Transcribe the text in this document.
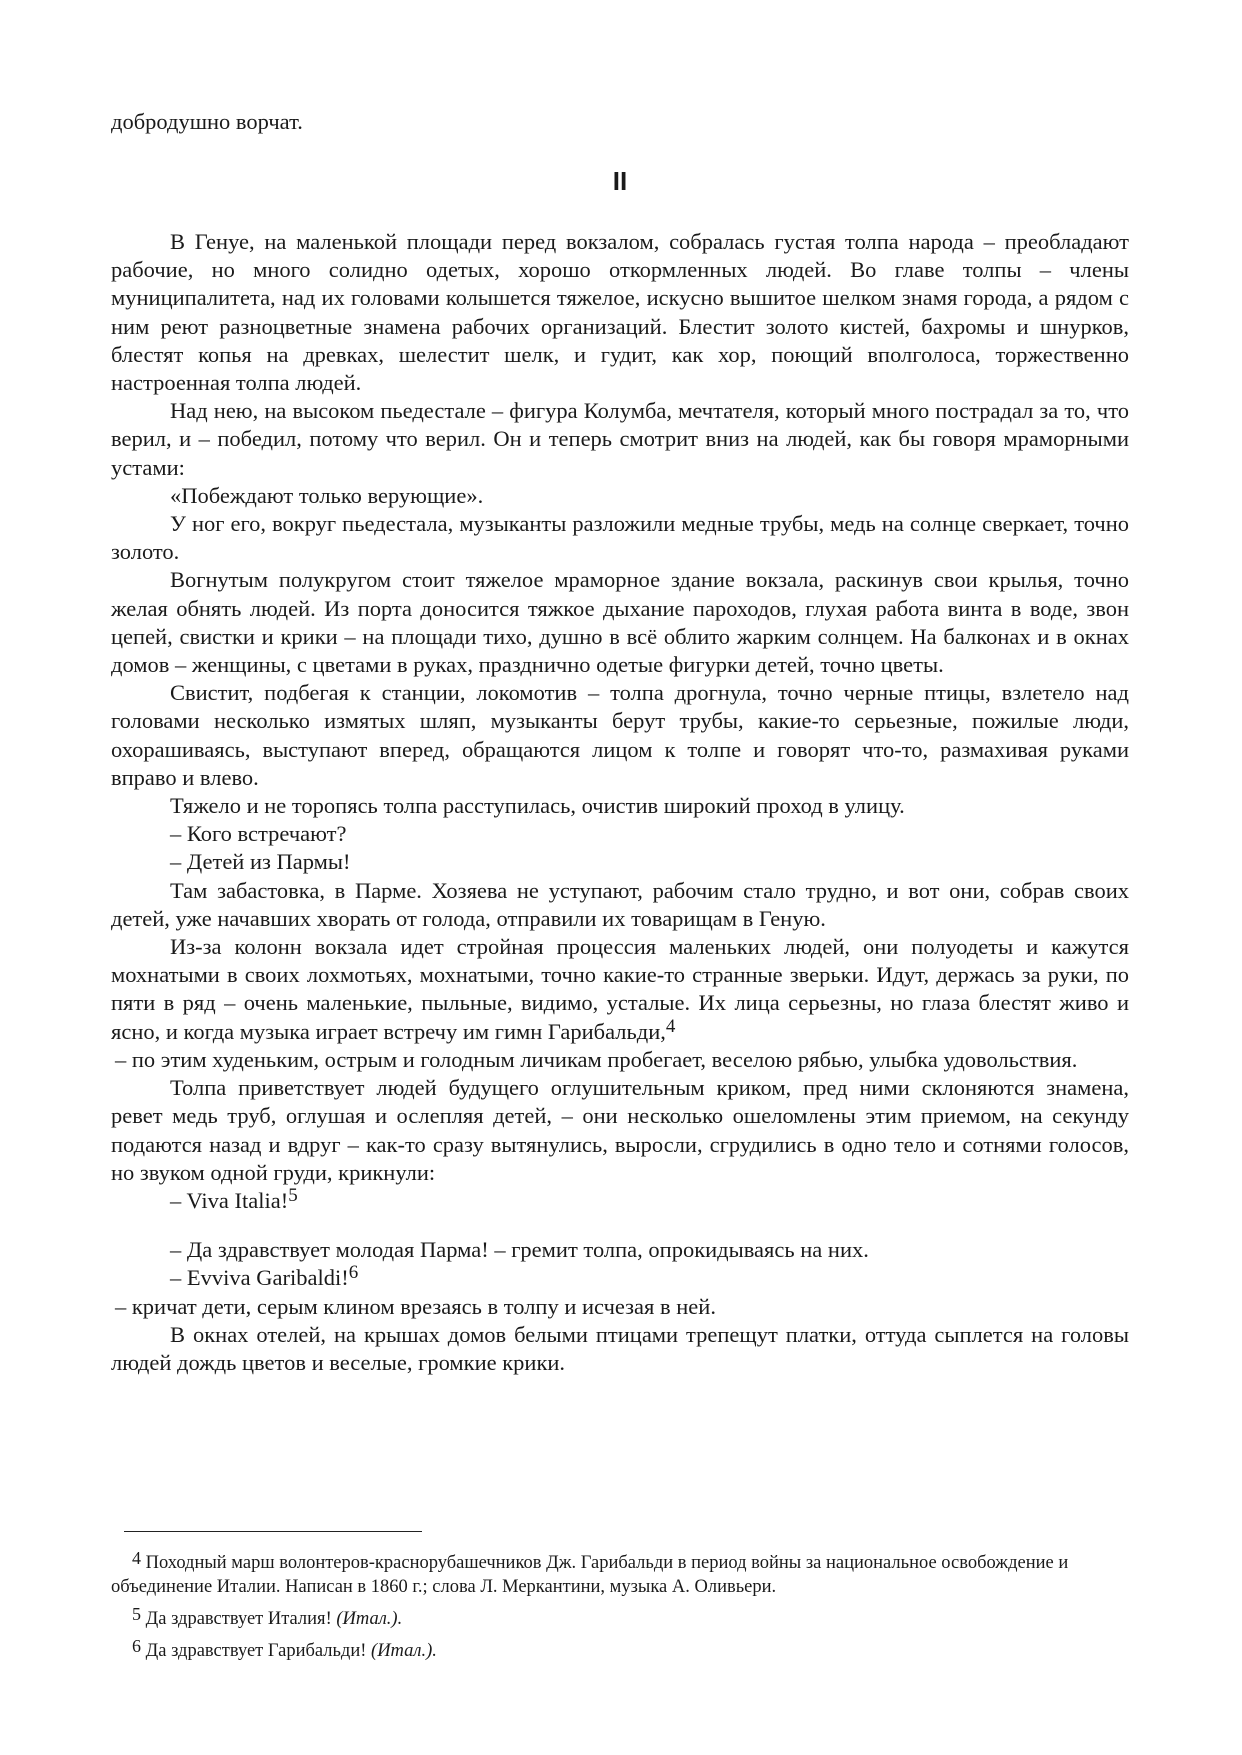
добродушно ворчат.

II

В Генуе, на маленькой площади перед вокзалом, собралась густая толпа народа – преобладают рабочие, но много солидно одетых, хорошо откормленных людей. Во главе толпы – члены муниципалитета, над их головами колышется тяжелое, искусно вышитое шелком знамя города, а рядом с ним реют разноцветные знамена рабочих организаций. Блестит золото кистей, бахромы и шнурков, блестят копья на древках, шелестит шелк, и гудит, как хор, поющий вполголоса, торжественно настроенная толпа людей.

Над нею, на высоком пьедестале – фигура Колумба, мечтателя, который много пострадал за то, что верил, и – победил, потому что верил. Он и теперь смотрит вниз на людей, как бы говоря мраморными устами:

«Побеждают только верующие».

У ног его, вокруг пьедестала, музыканты разложили медные трубы, медь на солнце сверкает, точно золото.

Вогнутым полукругом стоит тяжелое мраморное здание вокзала, раскинув свои крылья, точно желая обнять людей. Из порта доносится тяжкое дыхание пароходов, глухая работа винта в воде, звон цепей, свистки и крики – на площади тихо, душно в всё облито жарким солнцем. На балконах и в окнах домов – женщины, с цветами в руках, празднично одетые фигурки детей, точно цветы.

Свистит, подбегая к станции, локомотив – толпа дрогнула, точно черные птицы, взлетело над головами несколько измятых шляп, музыканты берут трубы, какие-то серьезные, пожилые люди, охорашиваясь, выступают вперед, обращаются лицом к толпе и говорят что-то, размахивая руками вправо и влево.

Тяжело и не торопясь толпа расступилась, очистив широкий проход в улицу.

– Кого встречают?

– Детей из Пармы!

Там забастовка, в Парме. Хозяева не уступают, рабочим стало трудно, и вот они, собрав своих детей, уже начавших хворать от голода, отправили их товарищам в Геную.

Из-за колонн вокзала идет стройная процессия маленьких людей, они полуодеты и кажутся мохнатыми в своих лохмотьях, мохнатыми, точно какие-то странные зверьки. Идут, держась за руки, по пяти в ряд – очень маленькие, пыльные, видимо, усталые. Их лица серьезны, но глаза блестят живо и ясно, и когда музыка играет встречу им гимн Гарибальди,$^4$

– по этим худеньким, острым и голодным личикам пробегает, веселою рябью, улыбка удовольствия.

Толпа приветствует людей будущего оглушительным криком, пред ними склоняются знамена, ревет медь труб, оглушая и ослепляя детей, – они несколько ошеломлены этим приемом, на секунду подаются назад и вдруг – как-то сразу вытянулись, выросли, сгрудились в одно тело и сотнями голосов, но звуком одной груди, крикнули:

– Viva Italia!$^5$

– Да здравствует молодая Парма! – гремит толпа, опрокидываясь на них.

– Evviva Garibaldi!$^6$

– кричат дети, серым клином врезаясь в толпу и исчезая в ней.

В окнах отелей, на крышах домов белыми птицами трепещут платки, оттуда сыплется на головы людей дождь цветов и веселые, громкие крики.

$^4$ Походный марш волонтеров-краснорубашечников Дж. Гарибальди в период войны за национальное освобождение и объединение Италии. Написан в 1860 г.; слова Л. Меркантини, музыка А. Оливьери.

$^5$ Да здравствует Италия! (Итал.).

$^6$ Да здравствует Гарибальди! (Итал.).
